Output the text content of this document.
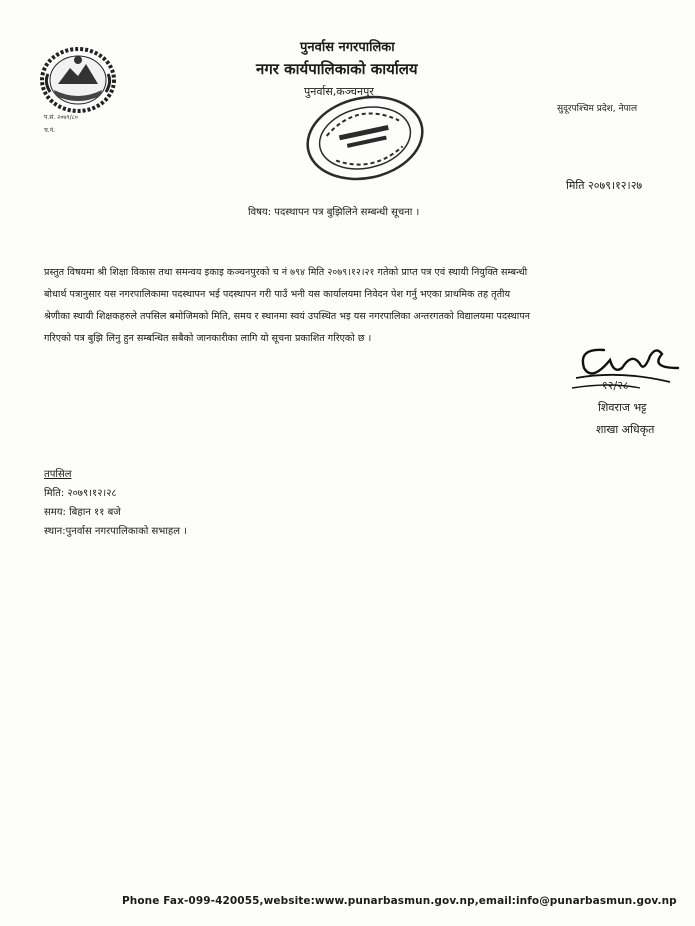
प.सं. २०७९/८०
च.नं.
पुनर्वास नगरपालिका
नगर कार्यपालिकाको कार्यालय
पुनर्वास,कञ्चनपुर
सुदूरपश्चिम प्रदेश, नेपाल
मिति २०७९।१२।२७
विषय: पदस्थापन पत्र बुझिलिने सम्बन्धी सूचना ।

प्रस्तुत विषयमा श्री शिक्षा विकास तथा समन्वय इकाइ कञ्चनपुरको च नं ७९४ मिति २०७९।१२।२१ गतेको प्राप्त पत्र एवं स्थायी नियुक्ति सम्बन्धी

बोधार्थ पत्रानुसार यस नगरपालिकामा पदस्थापन भई पदस्थापन गरी पाउँ भनी यस कार्यालयमा निवेदन पेश गर्नु भएका प्राथमिक तह तृतीय

श्रेणीका स्थायी शिक्षकहरुले तपसिल बमोजिमको मिति, समय र स्थानमा स्वयं उपस्थित भइ यस नगरपालिका अन्तरगतको विद्यालयमा पदस्थापन

गरिएको पत्र बुझि लिनु हुन सम्बन्धित सबैको जानकारीका लागि यो सूचना प्रकाशित गरिएको छ ।

१२/२८
शिवराज भट्ट
शाखा अधिकृत
तपसिल
मिति: २०७९।१२।२८
समय: बिहान ११ बजे
स्थान:पुनर्वास नगरपालिकाको सभाहल ।
Phone Fax-099-420055,website:www.punarbasmun.gov.np,email:info@punarbasmun.gov.np
